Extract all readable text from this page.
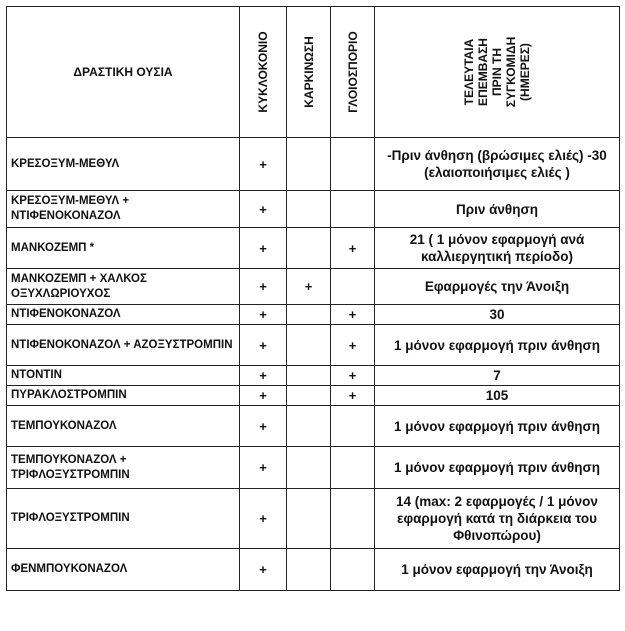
ΔΡΑΣΤΙΚΗ ΟΥΣΙΑ	ΚΥΚΛΟΚΟΝΙΟ	ΚΑΡΚΙΝΩΣΗ	ΓΛΟΙΟΣΠΟΡΙΟ	ΤΕΛΕΥΤΑΙΑ
ΕΠΕΜΒΑΣΗ
ΠΡΙΝ ΤΗ
ΣΥΓΚΟΜΙΔΗ
(ΗΜΕΡΕΣ)

ΚΡΕΣΟΞΥΜ-ΜΕΘΥΛ	+			-Πριν άνθηση (βρώσιμες ελιές) -30 (ελαιοποιήσιμες ελιές )
ΚΡΕΣΟΞΥΜ-ΜΕΘΥΛ + ΝΤΙΦΕΝΟΚΟΝΑΖΟΛ	+			Πριν άνθηση
ΜΑΝΚΟΖΕΜΠ *	+		+	21 ( 1 μόνον εφαρμογή ανά καλλιεργητική περίοδο)
ΜΑΝΚΟΖΕΜΠ + ΧΑΛΚΟΣ ΟΞΥΧΛΩΡΙΟΥΧΟΣ	+	+		Εφαρμογές την Άνοιξη
ΝΤΙΦΕΝΟΚΟΝΑΖΟΛ	+		+	30
ΝΤΙΦΕΝΟΚΟΝΑΖΟΛ + ΑΖΟΞΥΣΤΡΟΜΠΙΝ	+		+	1 μόνον εφαρμογή πριν άνθηση
ΝΤΟΝΤΙΝ	+		+	7
ΠΥΡΑΚΛΟΣΤΡΟΜΠΙΝ	+		+	105
ΤΕΜΠΟΥΚΟΝΑΖΟΛ	+			1 μόνον εφαρμογή πριν άνθηση
ΤΕΜΠΟΥΚΟΝΑΖΟΛ + ΤΡΙΦΛΟΞΥΣΤΡΟΜΠΙΝ	+			1 μόνον εφαρμογή πριν άνθηση
ΤΡΙΦΛΟΞΥΣΤΡΟΜΠΙΝ	+			14 (max: 2 εφαρμογές / 1 μόνον εφαρμογή κατά τη διάρκεια του Φθινοπώρου)
ΦΕΝΜΠΟΥΚΟΝΑΖΟΛ	+			1 μόνον εφαρμογή την Άνοιξη
